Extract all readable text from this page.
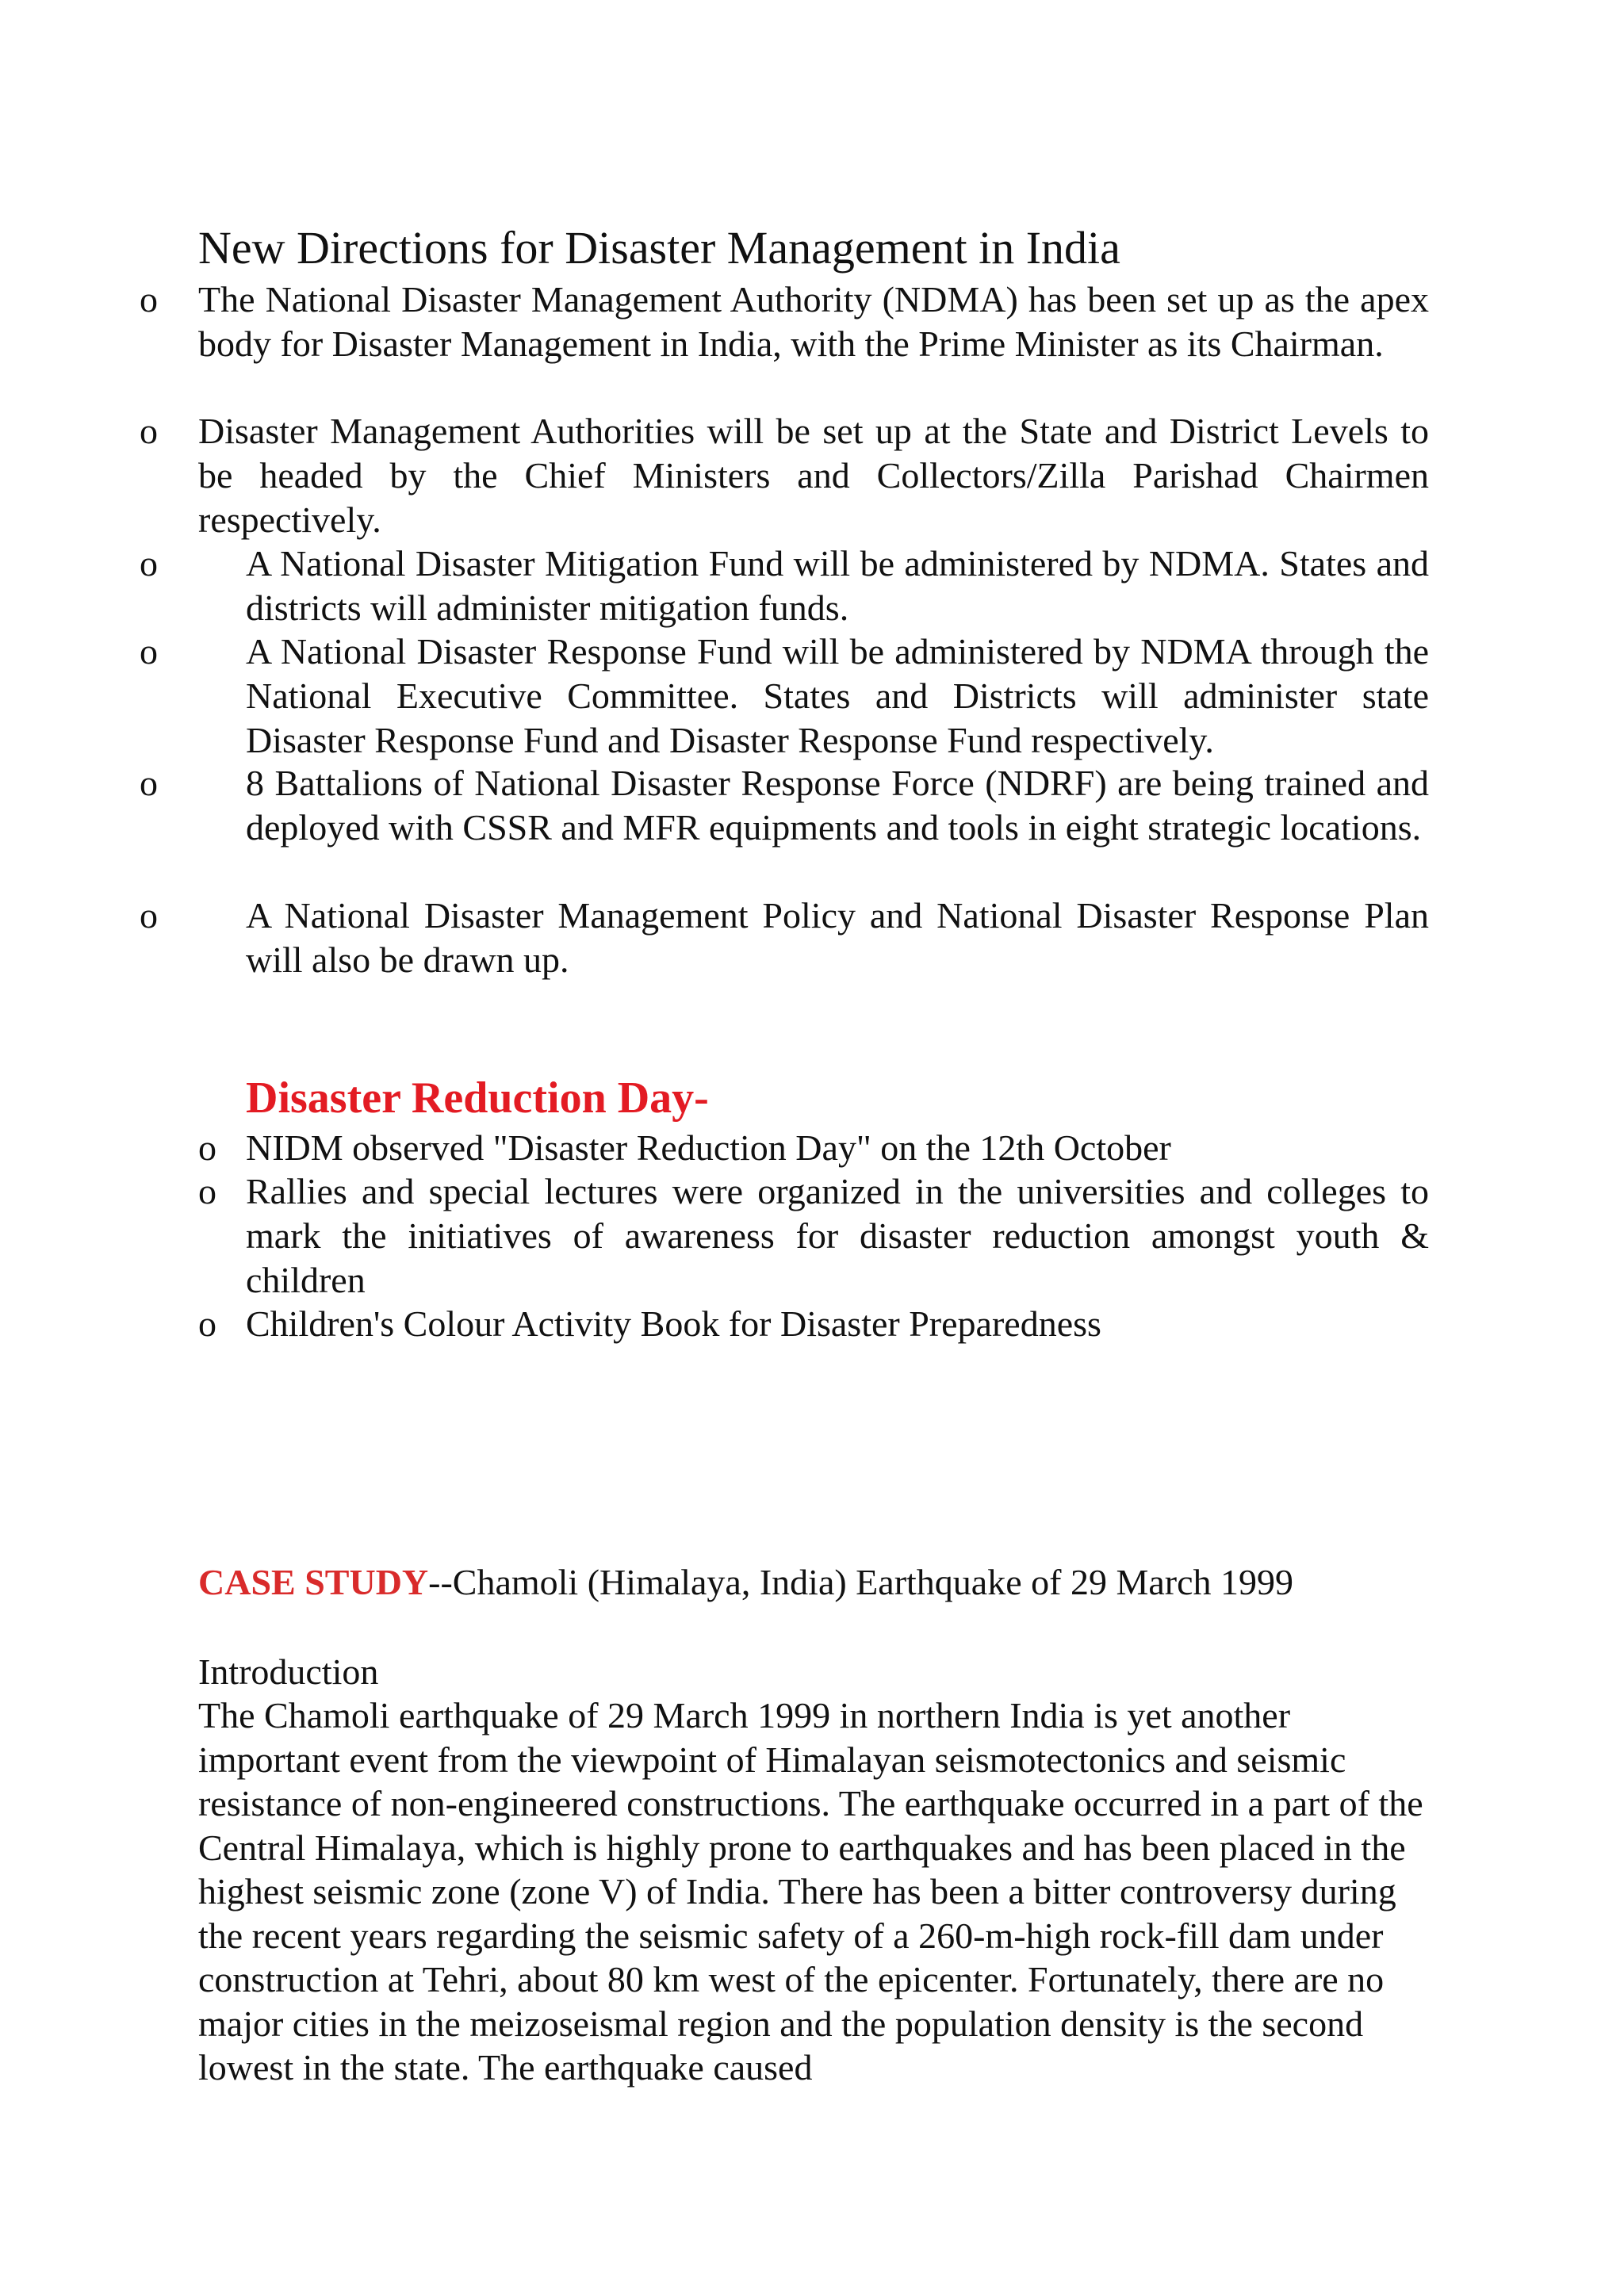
New Directions for Disaster Management in India
o The National Disaster Management Authority (NDMA) has been set up as the apex body for Disaster Management in India, with the Prime Minister as its Chairman.
o Disaster Management Authorities will be set up at the State and District Levels to be headed by the Chief Ministers and Collectors/Zilla Parishad Chairmen respectively.
o A National Disaster Mitigation Fund will be administered by NDMA. States and districts will administer mitigation funds.
o A National Disaster Response Fund will be administered by NDMA through the National Executive Committee. States and Districts will administer state Disaster Response Fund and Disaster Response Fund respectively.
o 8 Battalions of National Disaster Response Force (NDRF) are being trained and deployed with CSSR and MFR equipments and tools in eight strategic locations.
o A National Disaster Management Policy and National Disaster Response Plan will also be drawn up.
Disaster Reduction Day-
o NIDM observed "Disaster Reduction Day" on the 12th October
o Rallies and special lectures were organized in the universities and colleges to mark the initiatives of awareness for disaster reduction amongst youth & children
o Children's Colour Activity Book for Disaster Preparedness
CASE STUDY--Chamoli (Himalaya, India) Earthquake of 29 March 1999
Introduction
The Chamoli earthquake of 29 March 1999 in northern India is yet another important event from the viewpoint of Himalayan seismotectonics and seismic resistance of non-engineered constructions. The earthquake occurred in a part of the Central Himalaya, which is highly prone to earthquakes and has been placed in the highest seismic zone (zone V) of India. There has been a bitter controversy during the recent years regarding the seismic safety of a 260-m-high rock-fill dam under construction at Tehri, about 80 km west of the epicenter. Fortunately, there are no major cities in the meizoseismal region and the population density is the second lowest in the state. The earthquake caused
